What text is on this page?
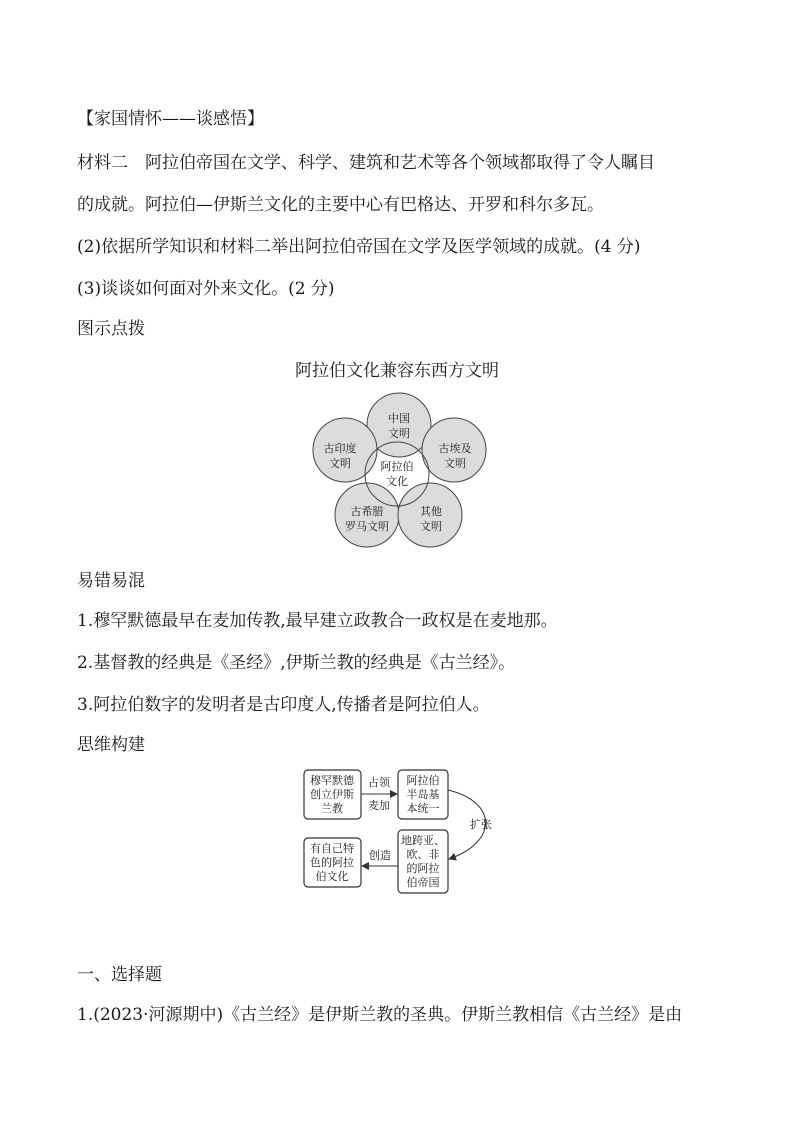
【家国情怀——谈感悟】
材料二　阿拉伯帝国在文学、科学、建筑和艺术等各个领域都取得了令人瞩目
的成就。阿拉伯—伊斯兰文化的主要中心有巴格达、开罗和科尔多瓦。
(2)依据所学知识和材料二举出阿拉伯帝国在文学及医学领域的成就。(4 分)
(3)谈谈如何面对外来文化。(2 分)
图示点拨
阿拉伯文化兼容东西方文明
中国
文明
古印度
文明
古埃及
文明
阿拉伯
文化
古希腊
罗马文明
其他
文明
易错易混
1.穆罕默德最早在麦加传教,最早建立政教合一政权是在麦地那。
2.基督教的经典是《圣经》,伊斯兰教的经典是《古兰经》。
3.阿拉伯数字的发明者是古印度人,传播者是阿拉伯人。
思维构建
穆罕默德
创立伊斯
兰教
占领
麦加
阿拉伯
半岛基
本统一
扩张
地跨亚、
欧、非
的阿拉
伯帝国
创造
有自己特
色的阿拉
伯文化
一、选择题
1.(2023·河源期中)《古兰经》是伊斯兰教的圣典。伊斯兰教相信《古兰经》是由
